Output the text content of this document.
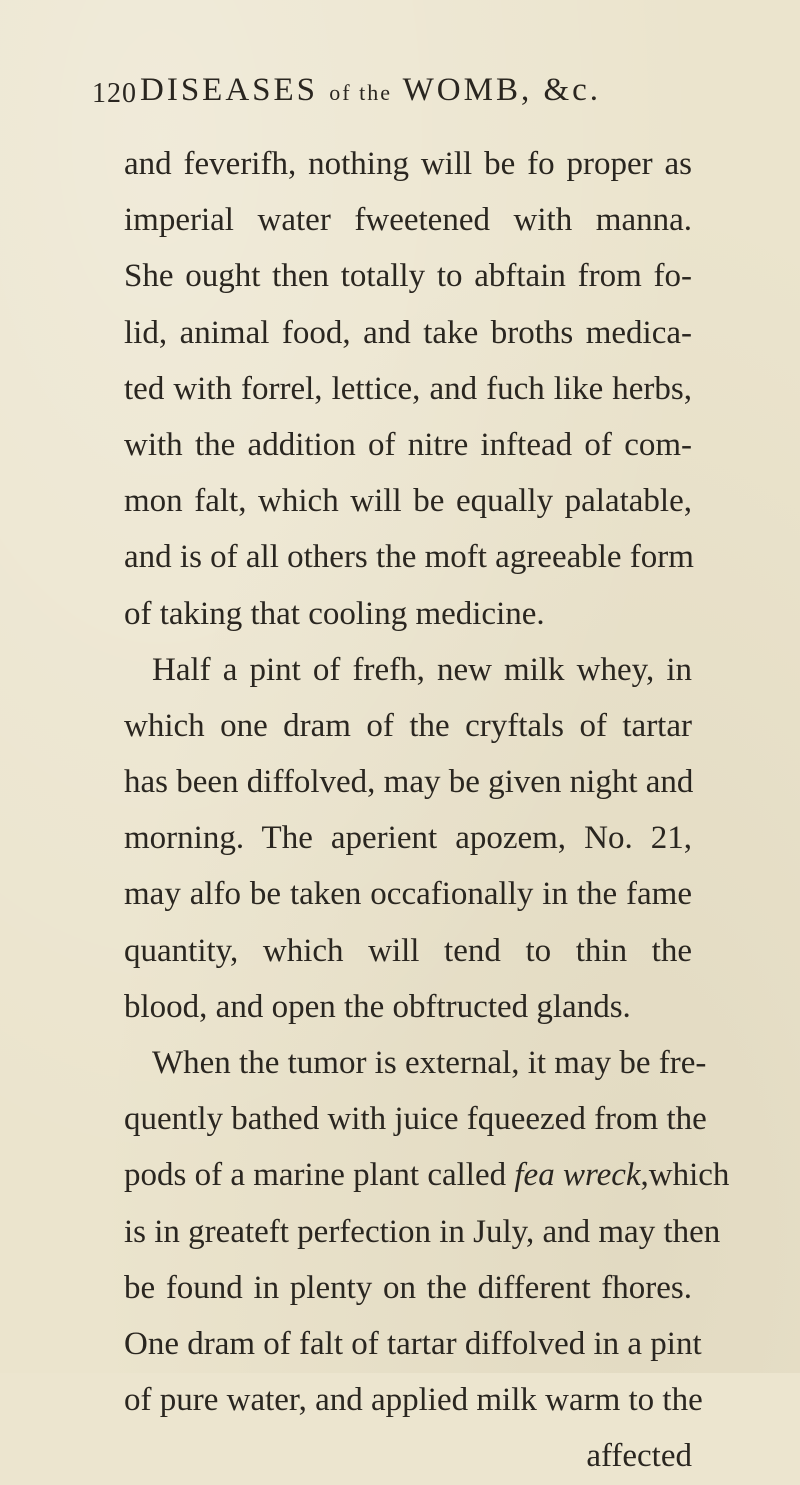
120 DISEASES of the WOMB, &c.
and feverifh, nothing will be fo proper as
imperial water fweetened with manna.
She ought then totally to abftain from fo-
lid, animal food, and take broths medica-
ted with forrel, lettice, and fuch like herbs,
with the addition of nitre inftead of com-
mon falt, which will be equally palatable,
and is of all others the moft agreeable form
of taking that cooling medicine.
Half a pint of frefh, new milk whey, in
which one dram of the cryftals of tartar
has been diffolved, may be given night and
morning. The aperient apozem, No. 21,
may alfo be taken occafionally in the fame
quantity, which will tend to thin the
blood, and open the obftructed glands.
When the tumor is external, it may be fre-
quently bathed with juice fqueezed from the
pods of a marine plant called fea wreck,which
is in greateft perfection in July, and may then
be found in plenty on the different fhores.
One dram of falt of tartar diffolved in a pint
of pure water, and applied milk warm to the
affected
